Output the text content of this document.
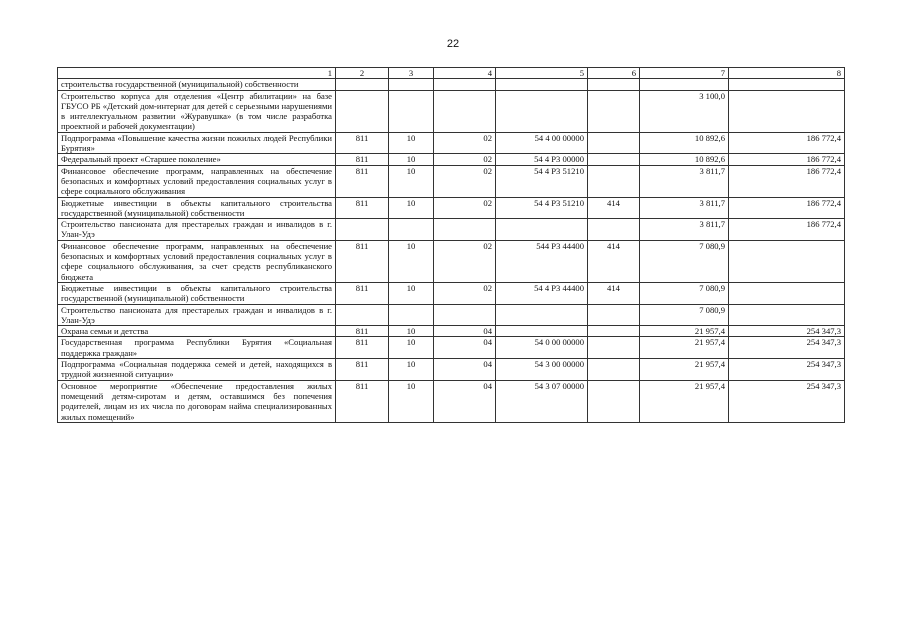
22
1	2	3	4	5	6	7	8
строительства государственной (муниципальной) собственности							
Строительство корпуса для отделения «Центр абилитации» на базе ГБУСО РБ «Детский дом-интернат для детей с серьезными нарушениями в интеллектуальном развитии «Журавушка» (в том числе разработка проектной и рабочей документации)						3 100,0	
Подпрограмма «Повышение качества жизни пожилых людей Республики Бурятия»	811	10	02	54 4 00 00000		10 892,6	186 772,4
Федеральный проект «Старшее поколение»	811	10	02	54 4 P3 00000		10 892,6	186 772,4
Финансовое обеспечение программ, направленных на обеспечение безопасных и комфортных условий предоставления социальных услуг в сфере социального обслуживания	811	10	02	54 4 P3 51210		3 811,7	186 772,4
Бюджетные инвестиции в объекты капитального строительства государственной (муниципальной) собственности	811	10	02	54 4 P3 51210	414	3 811,7	186 772,4
Строительство пансионата для престарелых граждан и инвалидов в г. Улан-Удэ						3 811,7	186 772,4
Финансовое обеспечение программ, направленных на обеспечение безопасных и комфортных условий предоставления социальных услуг в сфере социального обслуживания, за счет средств республиканского бюджета	811	10	02	544 P3 44400	414	7 080,9	
Бюджетные инвестиции в объекты капитального строительства государственной (муниципальной) собственности	811	10	02	54 4 P3 44400	414	7 080,9	
Строительство пансионата для престарелых граждан и инвалидов в г. Улан-Удэ						7 080,9	
Охрана семьи и детства	811	10	04			21 957,4	254 347,3
Государственная программа Республики Бурятия «Социальная поддержка граждан»	811	10	04	54 0 00 00000		21 957,4	254 347,3
Подпрограмма «Социальная поддержка семей и детей, находящихся в трудной жизненной ситуации»	811	10	04	54 3 00 00000		21 957,4	254 347,3
Основное мероприятие «Обеспечение предоставления жилых помещений детям-сиротам и детям, оставшимся без попечения родителей, лицам из их числа по договорам найма специализированных жилых помещений»	811	10	04	54 3 07 00000		21 957,4	254 347,3
